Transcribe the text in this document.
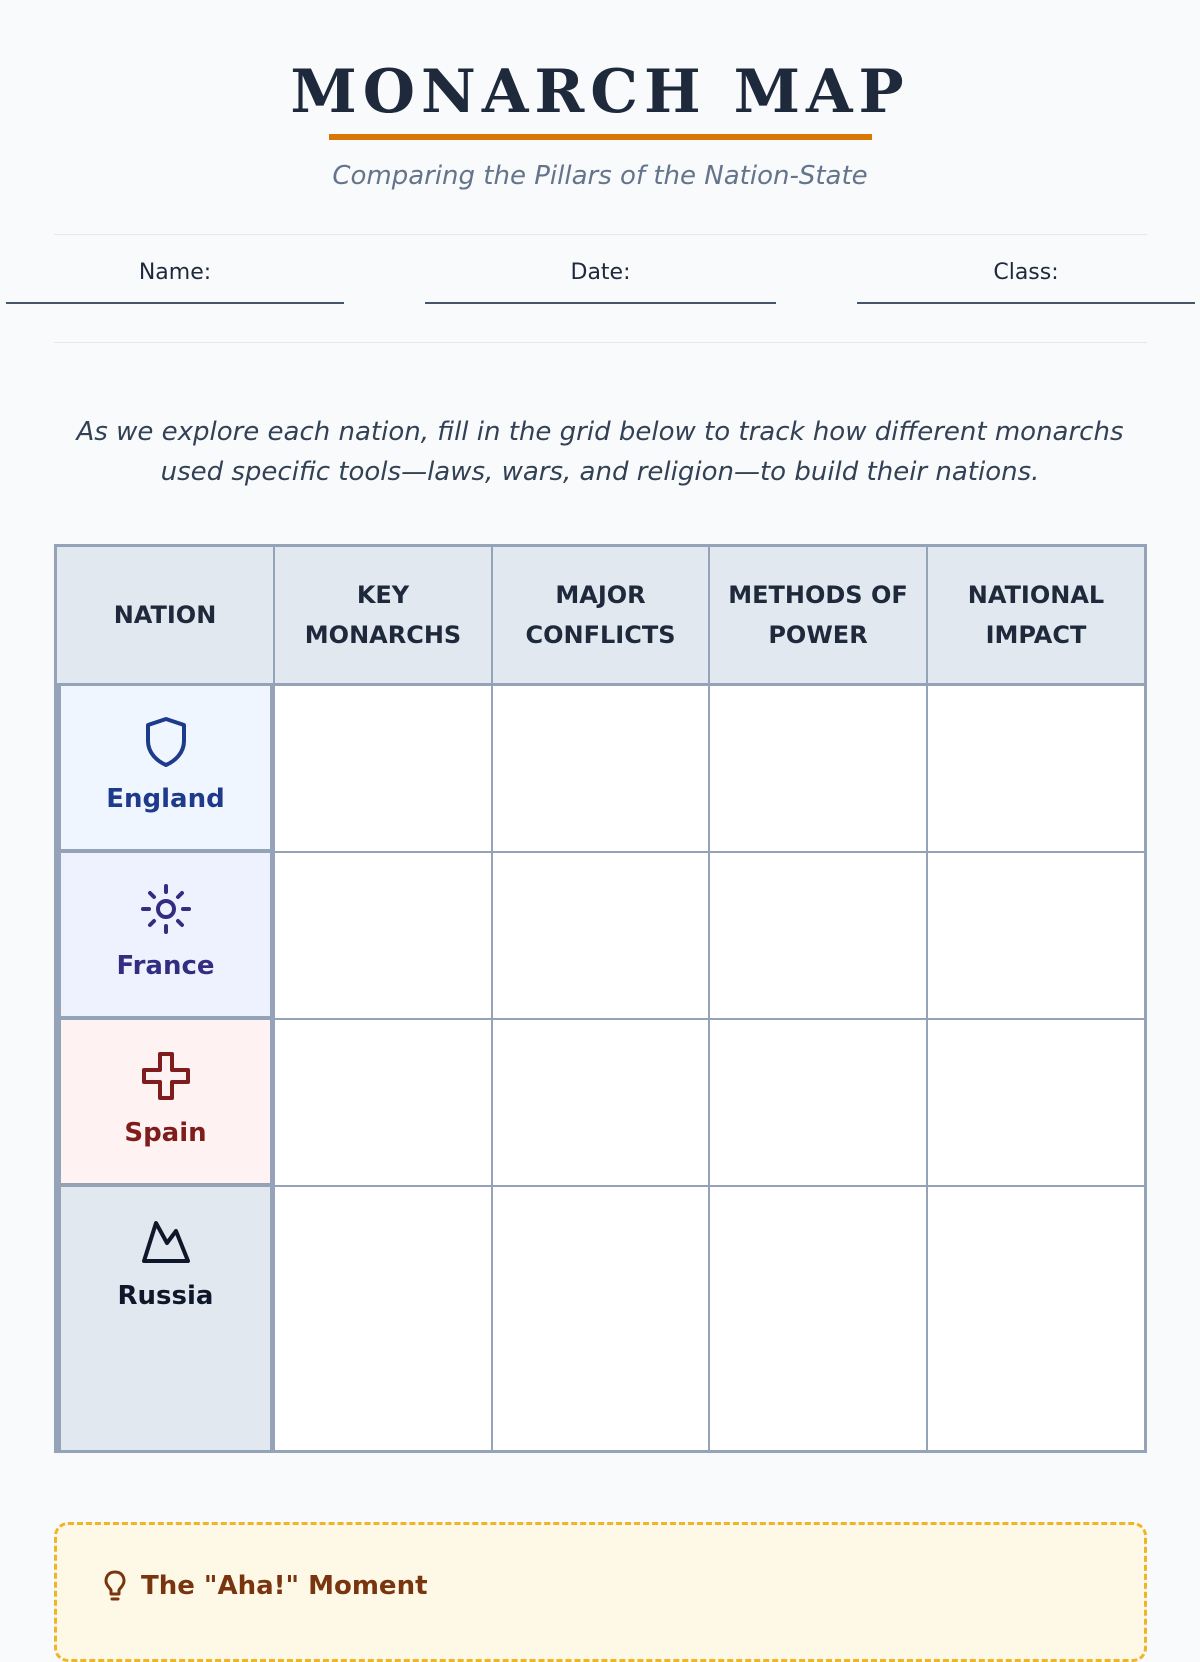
MONARCH MAP
Comparing the Pillars of the Nation-State
Name:	Date:	Class:
As we explore each nation, fill in the grid below to track how different monarchs used specific tools—laws, wars, and religion—to build their nations.
NATION
KEY MONARCHS
MAJOR CONFLICTS
METHODS OF POWER
NATIONAL IMPACT
England
France
Spain
Russia
The "Aha!" Moment
